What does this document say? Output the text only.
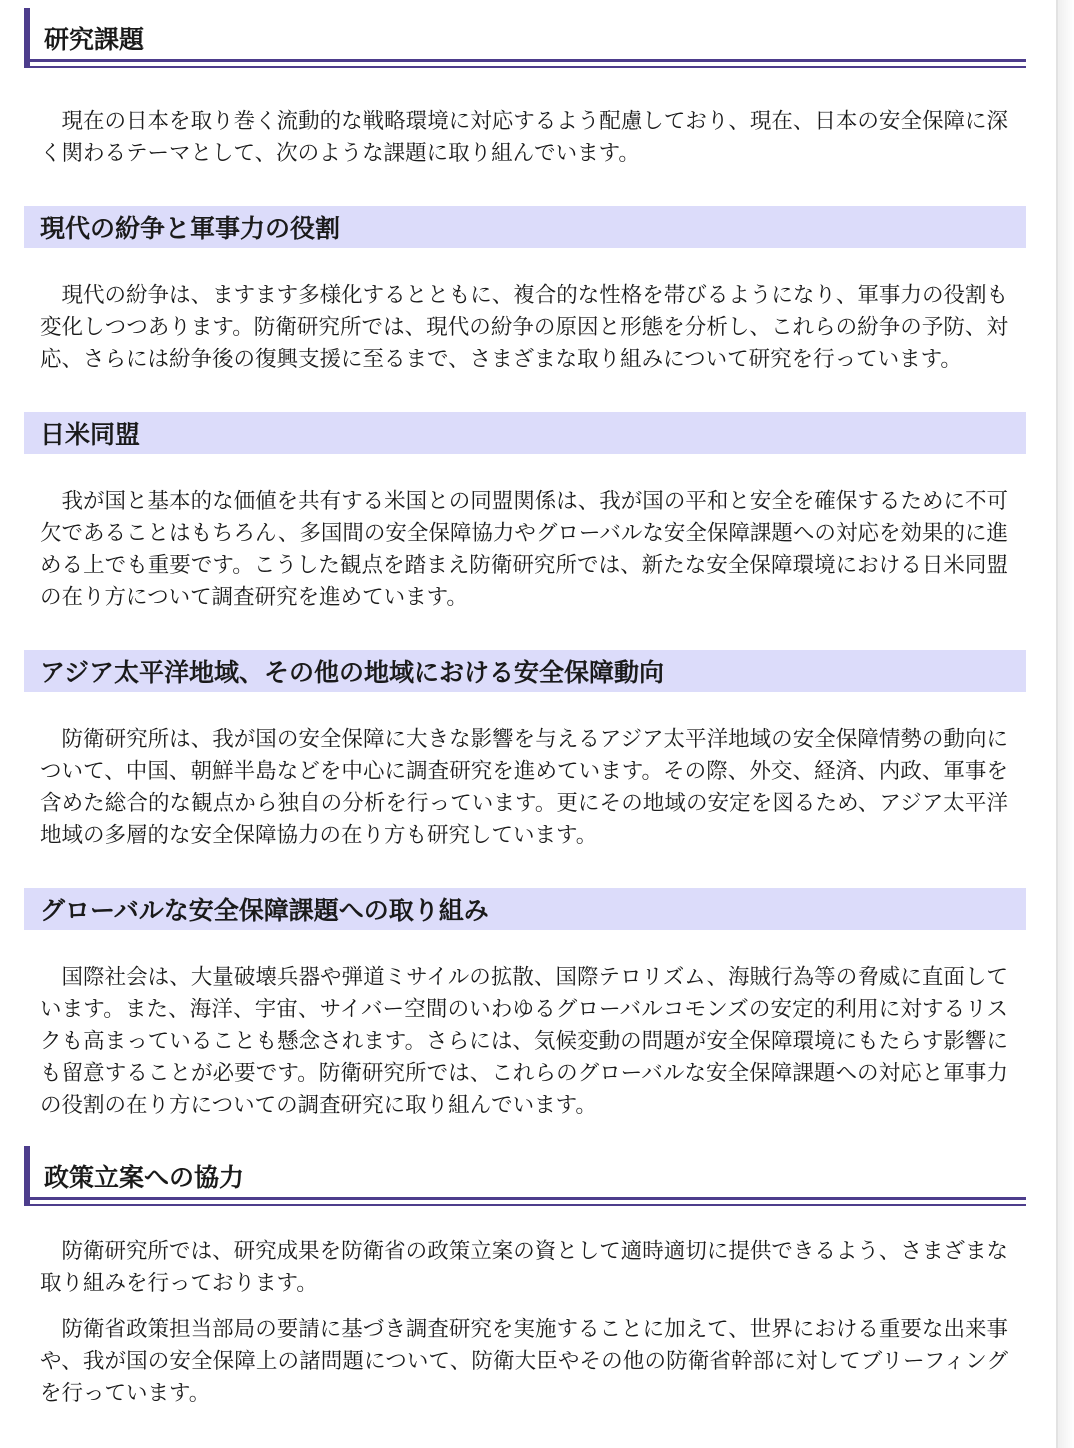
研究課題

現在の日本を取り巻く流動的な戦略環境に対応するよう配慮しており、現在、日本の安全保障に深く関わるテーマとして、次のような課題に取り組んでいます。

現代の紛争と軍事力の役割

現代の紛争は、ますます多様化するとともに、複合的な性格を帯びるようになり、軍事力の役割も変化しつつあります。防衛研究所では、現代の紛争の原因と形態を分析し、これらの紛争の予防、対応、さらには紛争後の復興支援に至るまで、さまざまな取り組みについて研究を行っています。

日米同盟

我が国と基本的な価値を共有する米国との同盟関係は、我が国の平和と安全を確保するために不可欠であることはもちろん、多国間の安全保障協力やグローバルな安全保障課題への対応を効果的に進める上でも重要です。こうした観点を踏まえ防衛研究所では、新たな安全保障環境における日米同盟の在り方について調査研究を進めています。

アジア太平洋地域、その他の地域における安全保障動向

防衛研究所は、我が国の安全保障に大きな影響を与えるアジア太平洋地域の安全保障情勢の動向について、中国、朝鮮半島などを中心に調査研究を進めています。その際、外交、経済、内政、軍事を含めた総合的な観点から独自の分析を行っています。更にその地域の安定を図るため、アジア太平洋地域の多層的な安全保障協力の在り方も研究しています。

グローバルな安全保障課題への取り組み

国際社会は、大量破壊兵器や弾道ミサイルの拡散、国際テロリズム、海賊行為等の脅威に直面しています。また、海洋、宇宙、サイバー空間のいわゆるグローバルコモンズの安定的利用に対するリスクも高まっていることも懸念されます。さらには、気候変動の問題が安全保障環境にもたらす影響にも留意することが必要です。防衛研究所では、これらのグローバルな安全保障課題への対応と軍事力の役割の在り方についての調査研究に取り組んでいます。

政策立案への協力

防衛研究所では、研究成果を防衛省の政策立案の資として適時適切に提供できるよう、さまざまな取り組みを行っております。

防衛省政策担当部局の要請に基づき調査研究を実施することに加えて、世界における重要な出来事や、我が国の安全保障上の諸問題について、防衛大臣やその他の防衛省幹部に対してブリーフィングを行っています。
